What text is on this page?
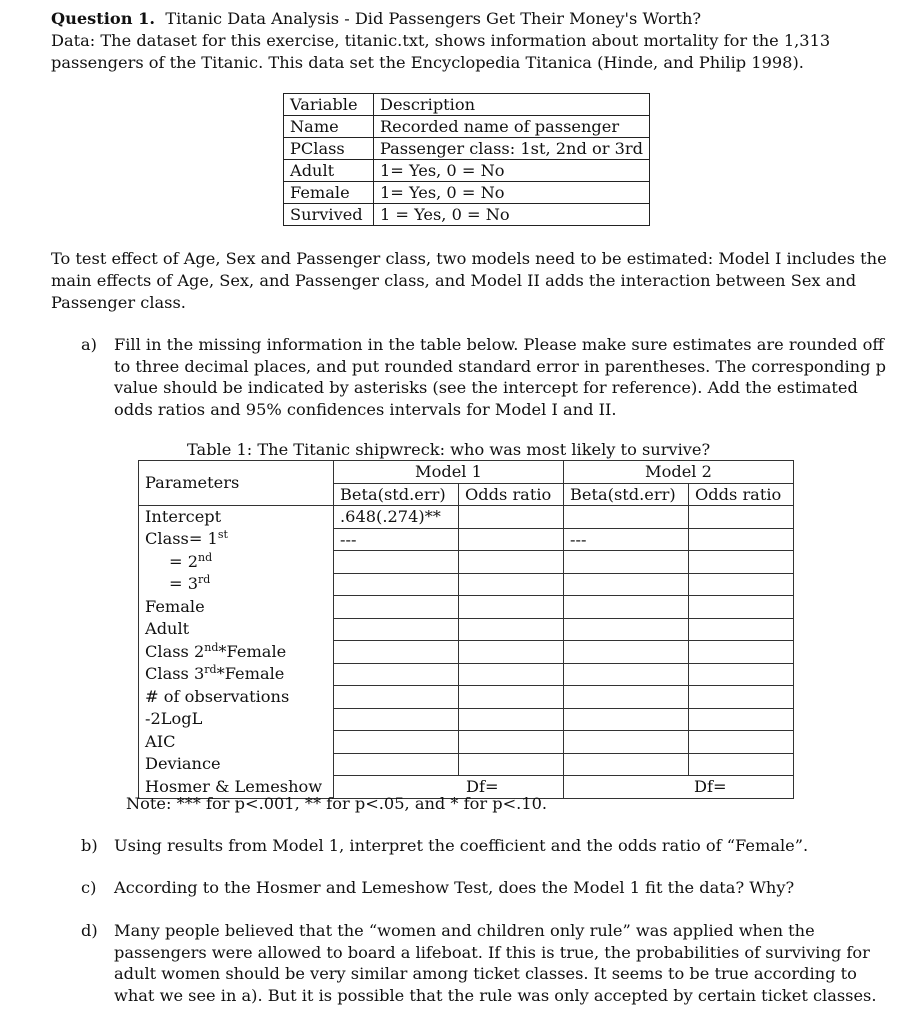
Question 1. Titanic Data Analysis - Did Passengers Get Their Money's Worth?

Data: The dataset for this exercise, titanic.txt, shows information about mortality for the 1,313

passengers of the Titanic. This data set the Encyclopedia Titanica (Hinde, and Philip 1998).

Variable	Description
Name	Recorded name of passenger
PClass	Passenger class: 1st, 2nd or 3rd
Adult	1= Yes, 0 = No
Female	1= Yes, 0 = No
Survived	1 = Yes, 0 = No

To test effect of Age, Sex and Passenger class, two models need to be estimated: Model I includes the

main effects of Age, Sex, and Passenger class, and Model II adds the interaction between Sex and

Passenger class.

a) Fill in the missing information in the table below. Please make sure estimates are rounded off

to three decimal places, and put rounded standard error in parentheses. The corresponding p

value should be indicated by asterisks (see the intercept for reference). Add the estimated

odds ratios and 95% confidences intervals for Model I and II.

Table 1: The Titanic shipwreck: who was most likely to survive?

Parameters	Model 1		Model 2	
	Beta(std.err)	Odds ratio	Beta(std.err)	Odds ratio
Intercept	.648(.274)**			
Class= 1st	---		---	
= 2nd				
= 3rd				
Female				
Adult				
Class 2nd*Female				
Class 3rd*Female				
# of observations				
-2LogL				
AIC				
Deviance				
Hosmer & Lemeshow	Df=		Df=	

Note: *** for p<.001, ** for p<.05, and * for p<.10.

b) Using results from Model 1, interpret the coefficient and the odds ratio of “Female”.

c) According to the Hosmer and Lemeshow Test, does the Model 1 fit the data? Why?

d) Many people believed that the “women and children only rule” was applied when the

passengers were allowed to board a lifeboat. If this is true, the probabilities of surviving for

adult women should be very similar among ticket classes. It seems to be true according to

what we see in a). But it is possible that the rule was only accepted by certain ticket classes.
